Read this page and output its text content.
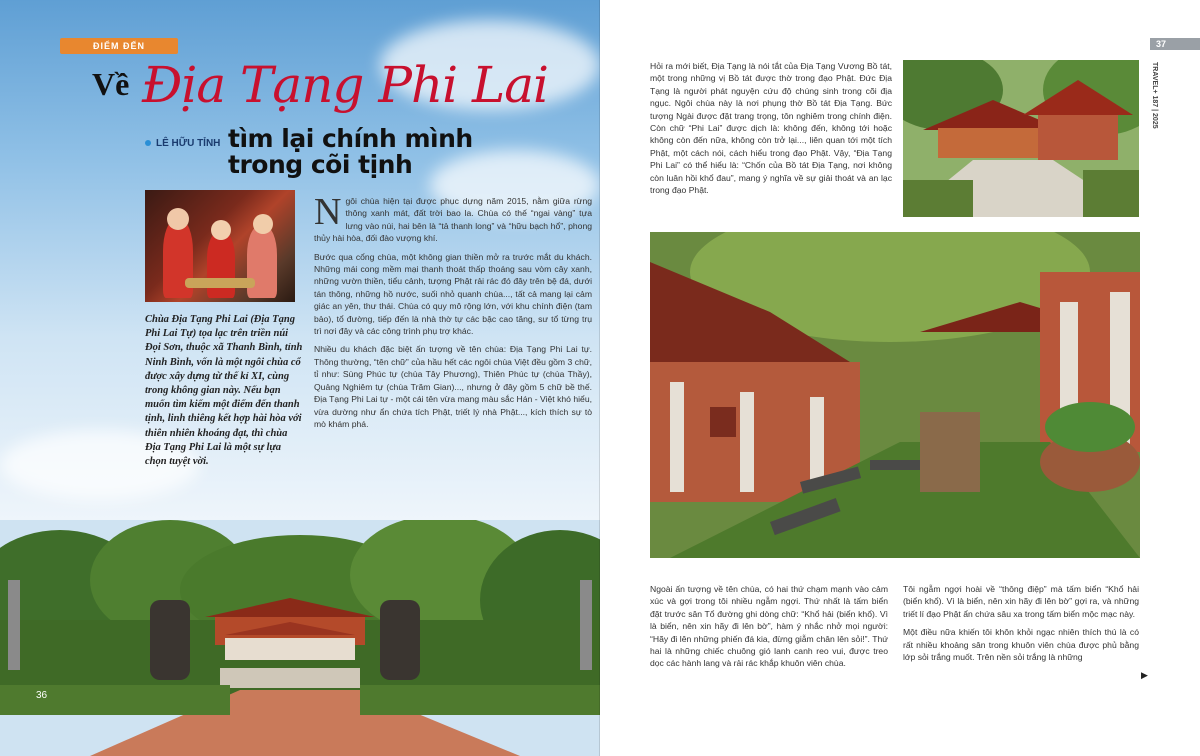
ĐIỂM ĐẾN
Về Địa Tạng Phi Lai
LÊ HỮU TỈNH tìm lại chính mình
trong cõi tịnh
Chùa Địa Tạng Phi Lai (Địa Tạng Phi Lai Tự) tọa lạc trên triền núi Đọi Sơn, thuộc xã Thanh Bình, tỉnh Ninh Bình, vốn là một ngôi chùa cổ được xây dựng từ thế kỉ XI, cùng trong không gian này. Nếu bạn muốn tìm kiếm một điểm đến thanh tịnh, linh thiêng kết hợp hài hòa với thiên nhiên khoáng đạt, thì chùa Địa Tạng Phi Lai là một sự lựa chọn tuyệt vời.

Ngôi chùa hiện tại được phục dựng năm 2015, nằm giữa rừng thông xanh mát, đất trời bao la. Chùa có thế “ngai vàng” tựa lưng vào núi, hai bên là “tả thanh long” và “hữu bạch hổ”, phong thủy hài hòa, đối đào vượng khí.

Bước qua cổng chùa, một không gian thiền mở ra trước mắt du khách. Những mái cong mềm mại thanh thoát thấp thoáng sau vòm cây xanh, những vườn thiền, tiểu cảnh, tượng Phật rải rác đó đây trên bệ đá, dưới tán thông, những hồ nước, suối nhỏ quanh chùa..., tất cả mang lại cảm giác an yên, thư thái. Chùa có quy mô rộng lớn, với khu chính điện (tam bảo), tổ đường, tiếp đến là nhà thờ tự các bậc cao tăng, sư tổ từng trụ trì nơi đây và các công trình phụ trợ khác.

Nhiều du khách đặc biệt ấn tượng về tên chùa: Địa Tạng Phi Lai tự. Thông thường, “tên chữ” của hầu hết các ngôi chùa Việt đều gồm 3 chữ, tỉ như: Sùng Phúc tự (chùa Tây Phương), Thiên Phúc tự (chùa Thầy), Quảng Nghiêm tự (chùa Trăm Gian)..., nhưng ở đây gồm 5 chữ bề thế. Địa Tạng Phi Lai tự - một cái tên vừa mang màu sắc Hán - Việt khó hiểu, vừa dường như ẩn chứa tích Phật, triết lý nhà Phật..., kích thích sự tò mò khám phá.

36
37
TRAVEL+ 187 | 2025
Hỏi ra mới biết, Địa Tạng là nói tắt của Địa Tạng Vương Bồ tát, một trong những vị Bồ tát được thờ trong đạo Phật. Đức Địa Tạng là người phát nguyện cứu độ chúng sinh trong cõi địa ngục. Ngôi chùa này là nơi phụng thờ Bồ tát Địa Tạng. Bức tượng Ngài được đặt trang trọng, tôn nghiêm trong chính điện. Còn chữ “Phi Lai” được dịch là: không đến, không tới hoặc không còn đến nữa, không còn trở lại..., liên quan tới một tích Phật, một cách nói, cách hiểu trong đạo Phật. Vậy, “Địa Tạng Phi Lai” có thể hiểu là: “Chốn của Bồ tát Địa Tạng, nơi không còn luân hồi khổ đau”, mang ý nghĩa về sự giải thoát và an lạc trong đạo Phật.
Ngoài ấn tượng về tên chùa, có hai thứ chạm mạnh vào cảm xúc và gợi trong tôi nhiều ngẫm ngợi. Thứ nhất là tấm biển đặt trước sân Tổ đường ghi dòng chữ: “Khổ hải (biển khổ). Vì là biển, nên xin hãy đi lên bờ”, hàm ý nhắc nhở mọi người: “Hãy đi lên những phiến đá kia, đừng giẫm chân lên sỏi!”. Thứ hai là những chiếc chuông gió lanh canh reo vui, được treo dọc các hành lang và rải rác khắp khuôn viên chùa.

Tôi ngẫm ngợi hoài về “thông điệp” mà tấm biển “Khổ hải (biển khổ). Vì là biển, nên xin hãy đi lên bờ” gợi ra, và những triết lí đạo Phật ẩn chứa sâu xa trong tấm biển mộc mạc này.

Một điều nữa khiến tôi khôn khỏi ngạc nhiên thích thú là có rất nhiều khoảng sân trong khuôn viên chùa được phủ bằng lớp sỏi trắng muốt. Trên nền sỏi trắng là những

▶
